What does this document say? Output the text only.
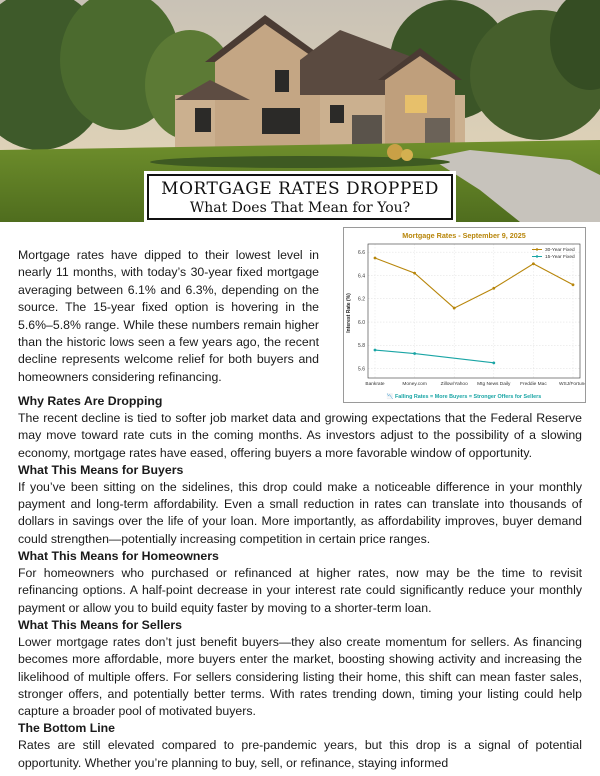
MORTGAGE RATES DROPPED
What Does That Mean for You?

Mortgage rates have dipped to their lowest level in nearly 11 months, with today’s 30-year fixed mortgage averaging between 6.1% and 6.3%, depending on the source. The 15-year fixed option is hovering in the 5.6%–5.8% range. While these numbers remain higher than the historic lows seen a few years ago, the recent decline represents welcome relief for both buyers and homeowners considering refinancing.

5.6
5.8
6.0
6.2
6.4
6.6
Bankrate	Money.com	Zillow/Yahoo Mtg News Daily Freddie Mac	WSJ/Fortune
Mortgage Rates - September 9, 2025
Interest Rate (%)
30-Year Fixed
15-Year Fixed
📉 Falling Rates = More Buyers = Stronger Offers for Sellers
Why Rates Are Dropping

The recent decline is tied to softer job market data and growing expectations that the Federal Reserve may move toward rate cuts in the coming months. As investors adjust to the possibility of a slowing economy, mortgage rates have eased, offering buyers a more favorable window of opportunity.

What This Means for Buyers

If you’ve been sitting on the sidelines, this drop could make a noticeable difference in your monthly payment and long-term affordability. Even a small reduction in rates can translate into thousands of dollars in savings over the life of your loan. More importantly, as affordability improves, buyer demand could strengthen—potentially increasing competition in certain price ranges.

What This Means for Homeowners

For homeowners who purchased or refinanced at higher rates, now may be the time to revisit refinancing options. A half-point decrease in your interest rate could significantly reduce your monthly payment or allow you to build equity faster by moving to a shorter-term loan.

What This Means for Sellers

Lower mortgage rates don’t just benefit buyers—they also create momentum for sellers. As financing becomes more affordable, more buyers enter the market, boosting showing activity and increasing the likelihood of multiple offers. For sellers considering listing their home, this shift can mean faster sales, stronger offers, and potentially better terms. With rates trending down, timing your listing could help capture a broader pool of motivated buyers.

The Bottom Line

Rates are still elevated compared to pre-pandemic years, but this drop is a signal of potential opportunity. Whether you’re planning to buy, sell, or refinance, staying informed
